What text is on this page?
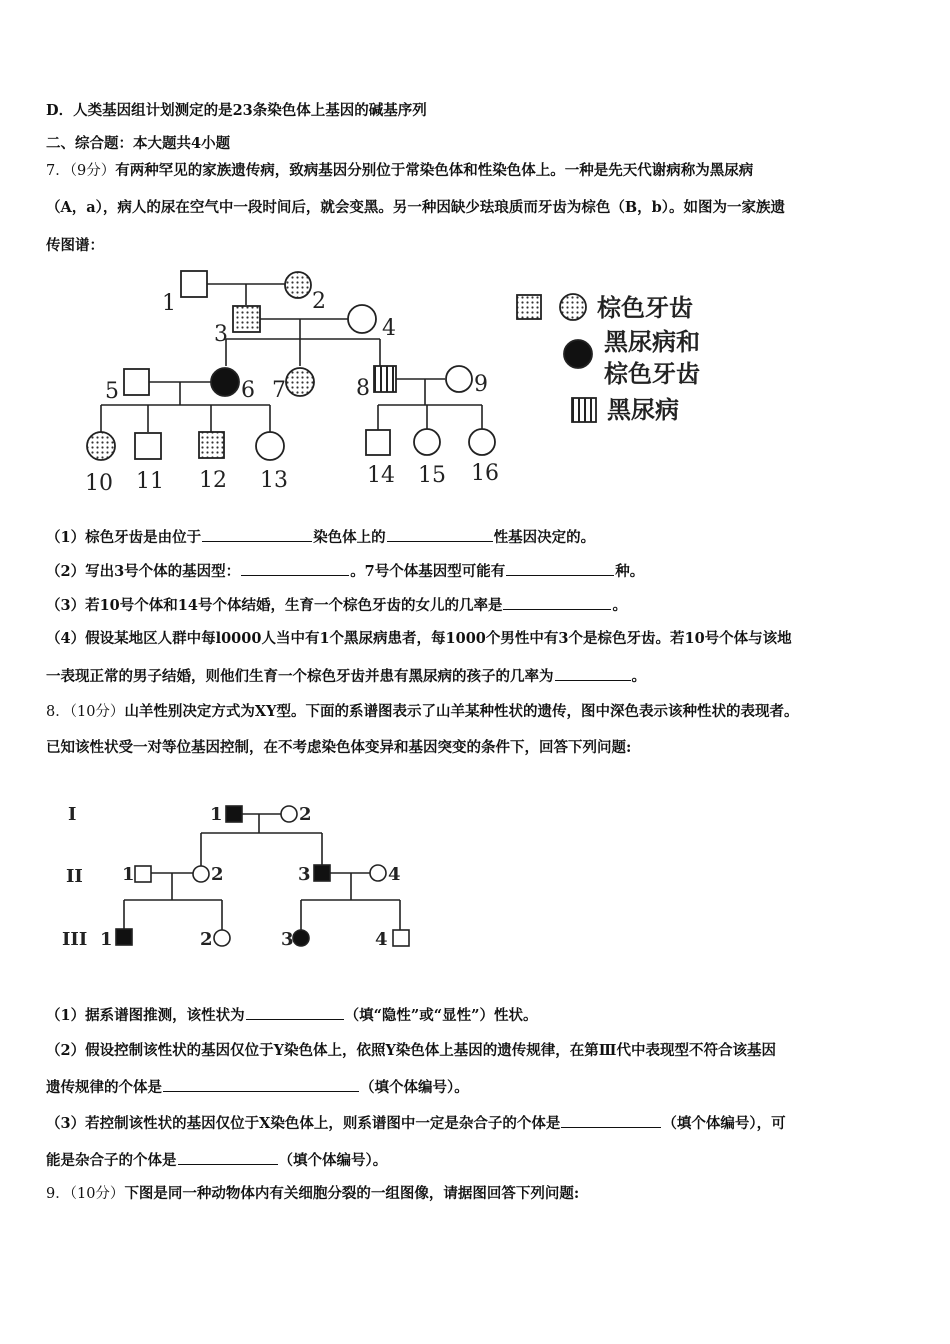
D．人类基因组计划测定的是23条染色体上基因的碱基序列
二、综合题：本大题共4小题
7．（9分）有两种罕见的家族遗传病，致病基因分别位于常染色体和性染色体上。一种是先天代谢病称为黑尿病
（A，a），病人的尿在空气中一段时间后，就会变黑。另一种因缺少珐琅质而牙齿为棕色（B，b）。如图为一家族遗
传图谱：
1	2
3	4
5	6 7	8	9
10 11 12 13	14 15 16
棕色牙齿
黑尿病和
棕色牙齿
黑尿病
（1）棕色牙齿是由位于	染色体上的	性基因决定的。
（2）写出3号个体的基因型：	。7号个体基因型可能有	种。
（3）若10号个体和14号个体结婚，生育一个棕色牙齿的女儿的几率是	。
（4）假设某地区人群中每l0000人当中有1个黑尿病患者，每1000个男性中有3个是棕色牙齿。若10号个体与该地
一表现正常的男子结婚，则他们生育一个棕色牙齿并患有黑尿病的孩子的几率为	。
8．（10分）山羊性别决定方式为XY型。下面的系谱图表示了山羊某种性状的遗传，图中深色表示该种性状的表现者。
已知该性状受一对等位基因控制，在不考虑染色体变异和基因突变的条件下，回答下列问题:
I
II
III
1	2
1	2	3	4
1	2	3	4
（1）据系谱图推测，该性状为	（填“隐性”或“显性”）性状。
（2）假设控制该性状的基因仅位于Y染色体上，依照Y染色体上基因的遗传规律，在第Ⅲ代中表现型不符合该基因
遗传规律的个体是	（填个体编号）。
（3）若控制该性状的基因仅位于X染色体上，则系谱图中一定是杂合子的个体是	（填个体编号），可
能是杂合子的个体是	（填个体编号）。
9．（10分）下图是同一种动物体内有关细胞分裂的一组图像，请据图回答下列问题:
